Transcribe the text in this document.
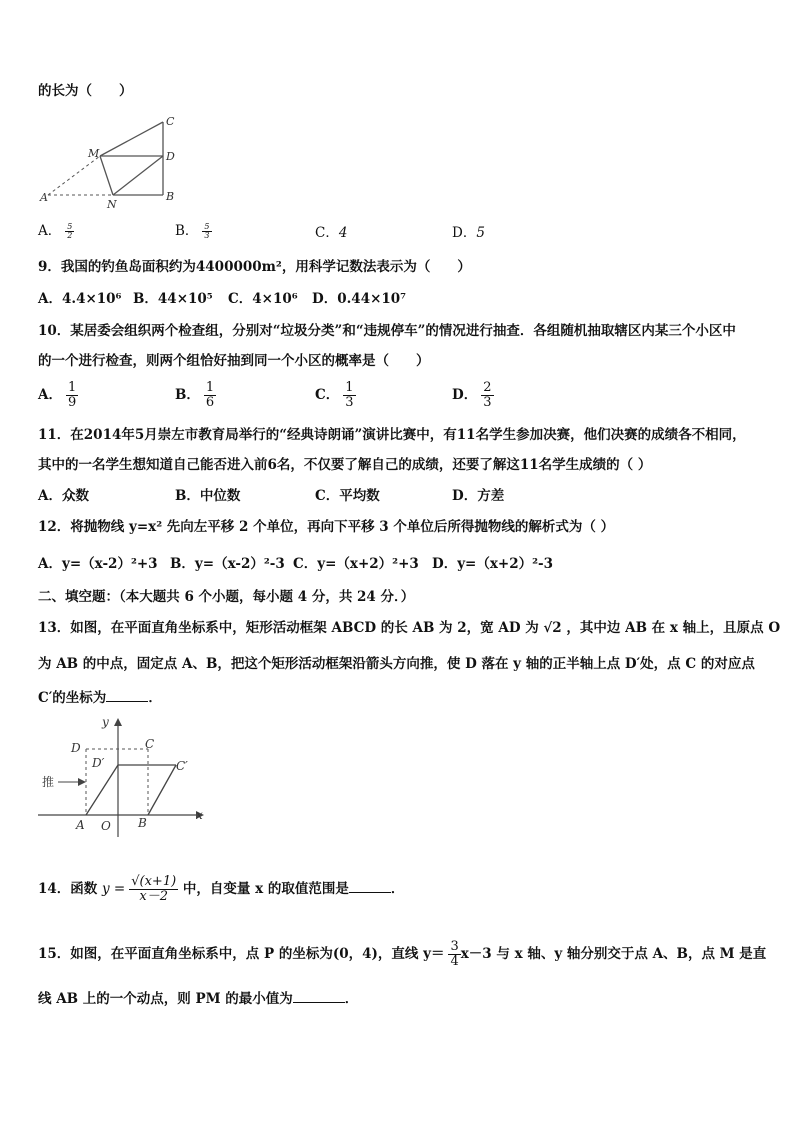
的长为（　　）
A
M
N
B
C
D
A． $\frac{5}{2}$	B． $\frac{5}{3}$	C．4	D．5
9．我国的钓鱼岛面积约为4400000m²，用科学记数法表示为（　　）
A．4.4×10⁶ B．44×10⁵ C．4×10⁶ D．0.44×10⁷
10．某居委会组织两个检查组，分别对“垃圾分类”和“违规停车”的情况进行抽查．各组随机抽取辖区内某三个小区中
的一个进行检查，则两个组恰好抽到同一个小区的概率是（　　）
A． $\frac{1}{9}$	B． $\frac{1}{6}$	C． $\frac{1}{3}$	D． $\frac{2}{3}$
11．在2014年5月崇左市教育局举行的“经典诗朗诵”演讲比赛中，有11名学生参加决赛，他们决赛的成绩各不相同，
其中的一名学生想知道自己能否进入前6名，不仅要了解自己的成绩，还要了解这11名学生成绩的（ ）
A．众数	B．中位数	C．平均数	D．方差
12．将抛物线 y=x² 先向左平移 2 个单位，再向下平移 3 个单位后所得抛物线的解析式为（ ）
A．y=（x-2）²+3 B．y=（x-2）²-3 C．y=（x+2）²+3 D．y=（x+2）²-3
二、填空题：（本大题共 6 个小题，每小题 4 分，共 24 分．）
13．如图，在平面直角坐标系中，矩形活动框架 ABCD 的长 AB 为 2，宽 AD 为 √2 ，其中边 AB 在 x 轴上，且原点 O
为 AB 的中点，固定点 A、B，把这个矩形活动框架沿箭头方向推，使 D 落在 y 轴的正半轴上点 D′处，点 C 的对应点
C′的坐标为	．
y
x
D	C
D′	C′
推
A O B
14．函数 $y = \frac{√(x+1)}{x-2}$ 中，自变量 x 的取值范围是	．
15．如图，在平面直角坐标系中，点 P 的坐标为(0，4)，直线 $y= \frac{3}{4} x-3$ 与 x 轴、y 轴分别交于点 A、B，点 M 是直
线 AB 上的一个动点，则 PM 的最小值为	．
